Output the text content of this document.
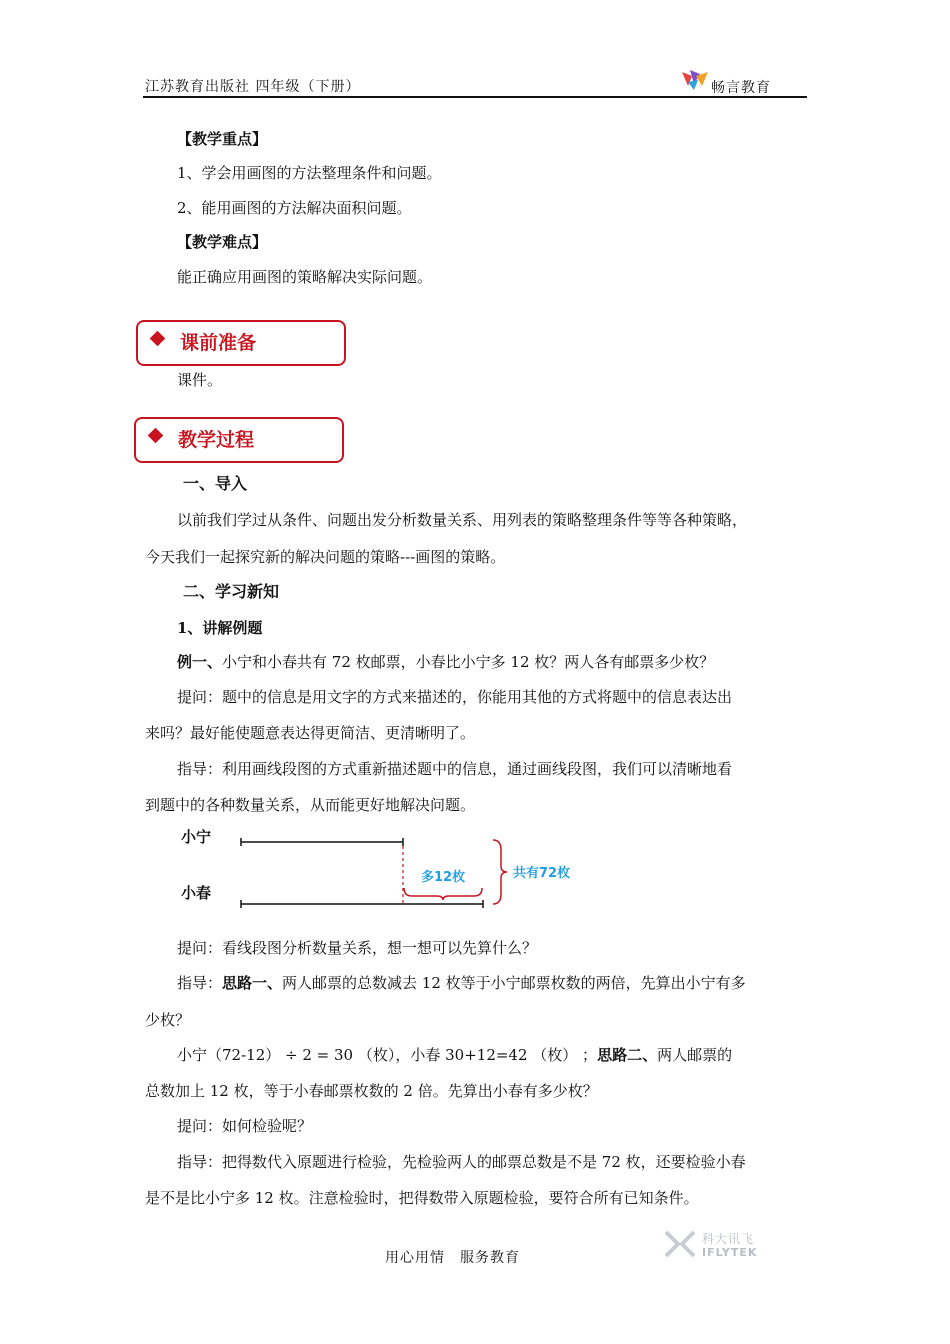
江苏教育出版社 四年级（下册）	畅言教育
【教学重点】
1、学会用画图的方法整理条件和问题。
2、能用画图的方法解决面积问题。
【教学难点】
能正确应用画图的策略解决实际问题。
课前准备
课件。
教学过程
一、导入
以前我们学过从条件、问题出发分析数量关系、用列表的策略整理条件等等各种策略，
今天我们一起探究新的解决问题的策略---画图的策略。
二、学习新知
1、讲解例题
例一、小宁和小春共有 72 枚邮票，小春比小宁多 12 枚？两人各有邮票多少枚？
提问：题中的信息是用文字的方式来描述的，你能用其他的方式将题中的信息表达出
来吗？最好能使题意表达得更简洁、更清晰明了。
指导：利用画线段图的方式重新描述题中的信息，通过画线段图，我们可以清晰地看
到题中的各种数量关系，从而能更好地解决问题。
小宁
小春
多12枚	共有72枚
提问：看线段图分析数量关系，想一想可以先算什么？
指导：思路一、两人邮票的总数减去 12 枚等于小宁邮票枚数的两倍，先算出小宁有多
少枚？
小宁（72-12） ÷ 2 = 30 （枚），小春 30+12=42 （枚） ；思路二、两人邮票的
总数加上 12 枚，等于小春邮票枚数的 2 倍。先算出小春有多少枚？
提问：如何检验呢？
指导：把得数代入原题进行检验，先检验两人的邮票总数是不是 72 枚，还要检验小春
是不是比小宁多 12 枚。注意检验时，把得数带入原题检验，要符合所有已知条件。
用心用情　服务教育
科大讯飞
IFLYTEK
